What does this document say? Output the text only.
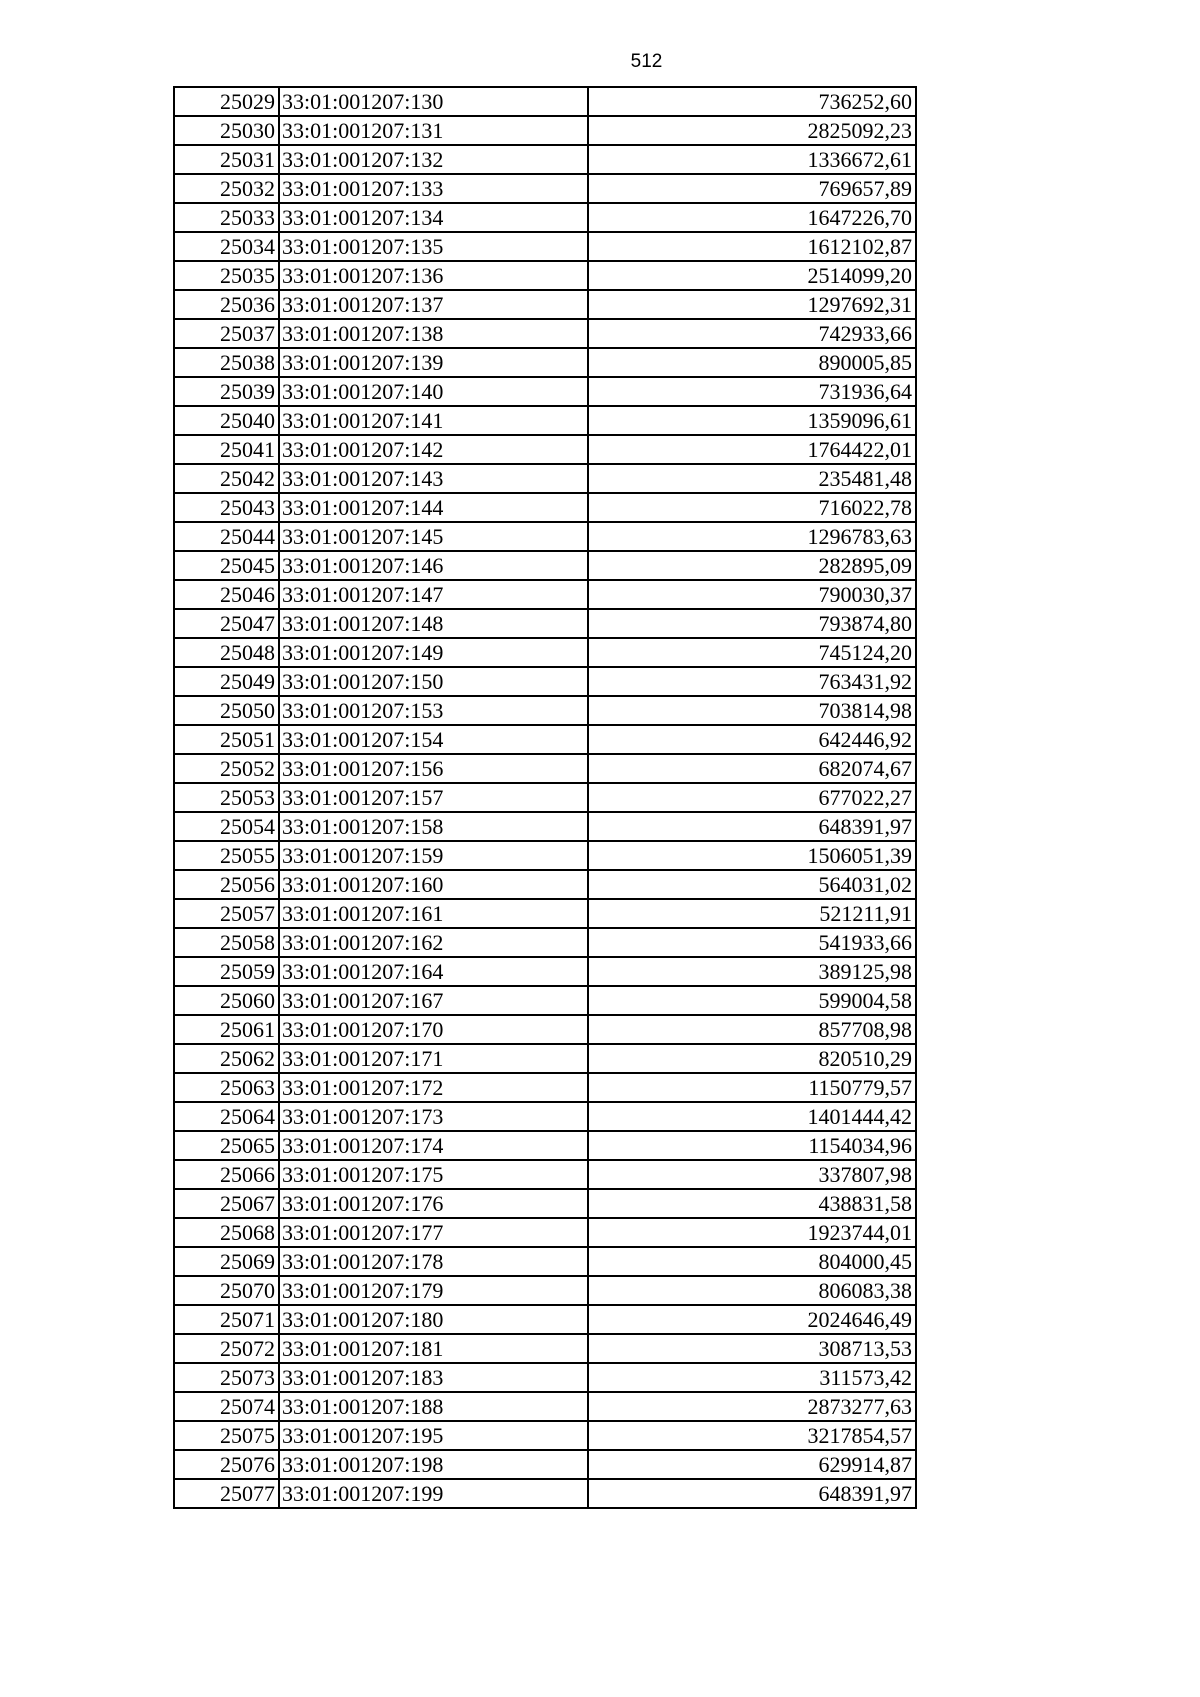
512
25029	33:01:001207:130	736252,60
25030	33:01:001207:131	2825092,23
25031	33:01:001207:132	1336672,61
25032	33:01:001207:133	769657,89
25033	33:01:001207:134	1647226,70
25034	33:01:001207:135	1612102,87
25035	33:01:001207:136	2514099,20
25036	33:01:001207:137	1297692,31
25037	33:01:001207:138	742933,66
25038	33:01:001207:139	890005,85
25039	33:01:001207:140	731936,64
25040	33:01:001207:141	1359096,61
25041	33:01:001207:142	1764422,01
25042	33:01:001207:143	235481,48
25043	33:01:001207:144	716022,78
25044	33:01:001207:145	1296783,63
25045	33:01:001207:146	282895,09
25046	33:01:001207:147	790030,37
25047	33:01:001207:148	793874,80
25048	33:01:001207:149	745124,20
25049	33:01:001207:150	763431,92
25050	33:01:001207:153	703814,98
25051	33:01:001207:154	642446,92
25052	33:01:001207:156	682074,67
25053	33:01:001207:157	677022,27
25054	33:01:001207:158	648391,97
25055	33:01:001207:159	1506051,39
25056	33:01:001207:160	564031,02
25057	33:01:001207:161	521211,91
25058	33:01:001207:162	541933,66
25059	33:01:001207:164	389125,98
25060	33:01:001207:167	599004,58
25061	33:01:001207:170	857708,98
25062	33:01:001207:171	820510,29
25063	33:01:001207:172	1150779,57
25064	33:01:001207:173	1401444,42
25065	33:01:001207:174	1154034,96
25066	33:01:001207:175	337807,98
25067	33:01:001207:176	438831,58
25068	33:01:001207:177	1923744,01
25069	33:01:001207:178	804000,45
25070	33:01:001207:179	806083,38
25071	33:01:001207:180	2024646,49
25072	33:01:001207:181	308713,53
25073	33:01:001207:183	311573,42
25074	33:01:001207:188	2873277,63
25075	33:01:001207:195	3217854,57
25076	33:01:001207:198	629914,87
25077	33:01:001207:199	648391,97
